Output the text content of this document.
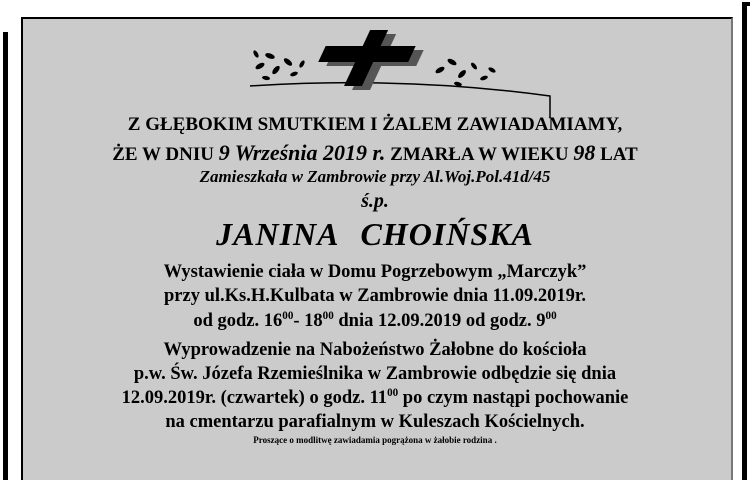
Z GŁĘBOKIM SMUTKIEM I ŻALEM ZAWIADAMIAMY,
ŻE W DNIU 9 Września 2019 r. ZMARŁA W WIEKU 98 LAT
Zamieszkała w Zambrowie przy Al.Woj.Pol.41d/45
ś.p.
JANINA CHOIŃSKA
Wystawienie ciała w Domu Pogrzebowym „Marczyk”
przy ul.Ks.H.Kulbata w Zambrowie dnia 11.09.2019r.
od godz. $16^{00}-$ $18^{00}$ dnia 12.09.2019 od godz. $9^{00}$
Wyprowadzenie na Nabożeństwo Żałobne do kościoła
p.w. Św. Józefa Rzemieślnika w Zambrowie odbędzie się dnia
12.09.2019r. (czwartek) o godz. $11^{00}$ po czym nastąpi pochowanie
na cmentarzu parafialnym w Kuleszach Kościelnych.
Proszące o modlitwę zawiadamia pogrążona w żałobie rodzina .
